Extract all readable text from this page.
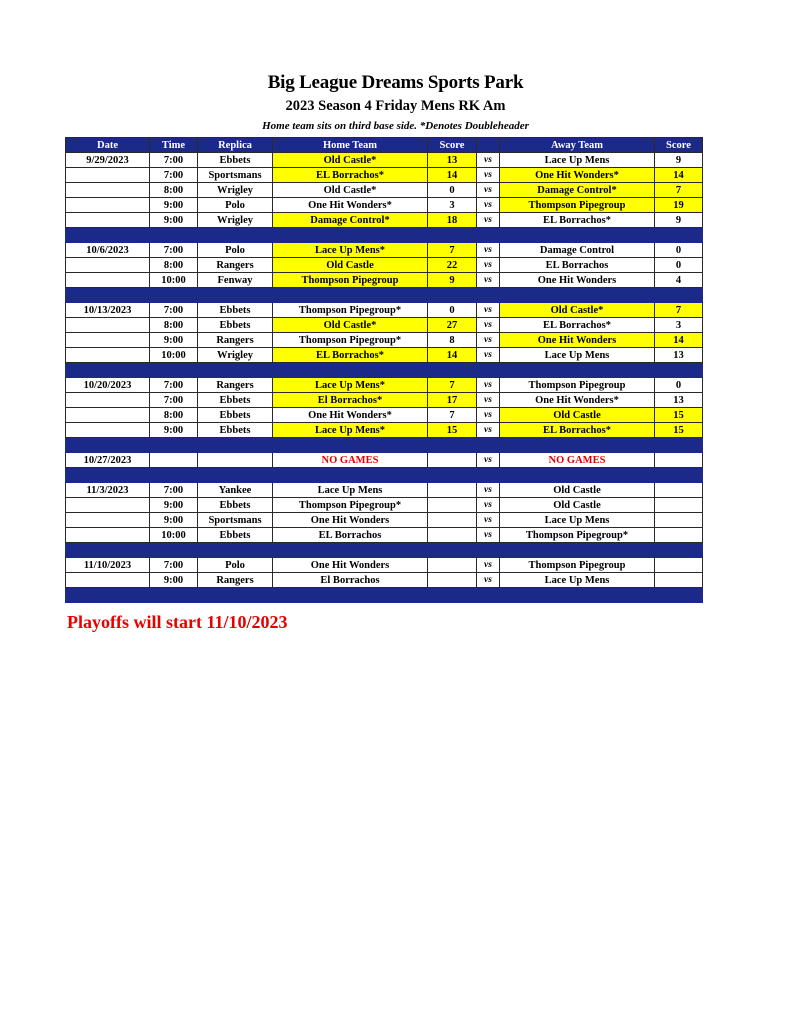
Big League Dreams Sports Park
2023 Season 4 Friday Mens RK Am
Home team sits on third base side. *Denotes Doubleheader
Date	Time	Replica	Home Team	Score		Away Team	Score
9/29/2023	7:00	Ebbets	Old Castle*	13	vs	Lace Up Mens	9
	7:00	Sportsmans	EL Borrachos*	14	vs	One Hit Wonders*	14
	8:00	Wrigley	Old Castle*	0	vs	Damage Control*	7
	9:00	Polo	One Hit Wonders*	3	vs	Thompson Pipegroup	19
	9:00	Wrigley	Damage Control*	18	vs	EL Borrachos*	9

10/6/2023	7:00	Polo	Lace Up Mens*	7	vs	Damage Control	0
	8:00	Rangers	Old Castle	22	vs	EL Borrachos	0
	10:00	Fenway	Thompson Pipegroup	9	vs	One Hit Wonders	4

10/13/2023	7:00	Ebbets	Thompson Pipegroup*	0	vs	Old Castle*	7
	8:00	Ebbets	Old Castle*	27	vs	EL Borrachos*	3
	9:00	Rangers	Thompson Pipegroup*	8	vs	One Hit Wonders	14
	10:00	Wrigley	EL Borrachos*	14	vs	Lace Up Mens	13

10/20/2023	7:00	Rangers	Lace Up Mens*	7	vs	Thompson Pipegroup	0
	7:00	Ebbets	El Borrachos*	17	vs	One Hit Wonders*	13
	8:00	Ebbets	One Hit Wonders*	7	vs	Old Castle	15
	9:00	Ebbets	Lace Up Mens*	15	vs	EL Borrachos*	15

10/27/2023			NO GAMES		vs	NO GAMES	

11/3/2023	7:00	Yankee	Lace Up Mens		vs	Old Castle	
	9:00	Ebbets	Thompson Pipegroup*		vs	Old Castle	
	9:00	Sportsmans	One Hit Wonders		vs	Lace Up Mens	
	10:00	Ebbets	EL Borrachos		vs	Thompson Pipegroup*	

11/10/2023	7:00	Polo	One Hit Wonders		vs	Thompson Pipegroup	
	9:00	Rangers	El Borrachos		vs	Lace Up Mens	

Playoffs will start 11/10/2023
